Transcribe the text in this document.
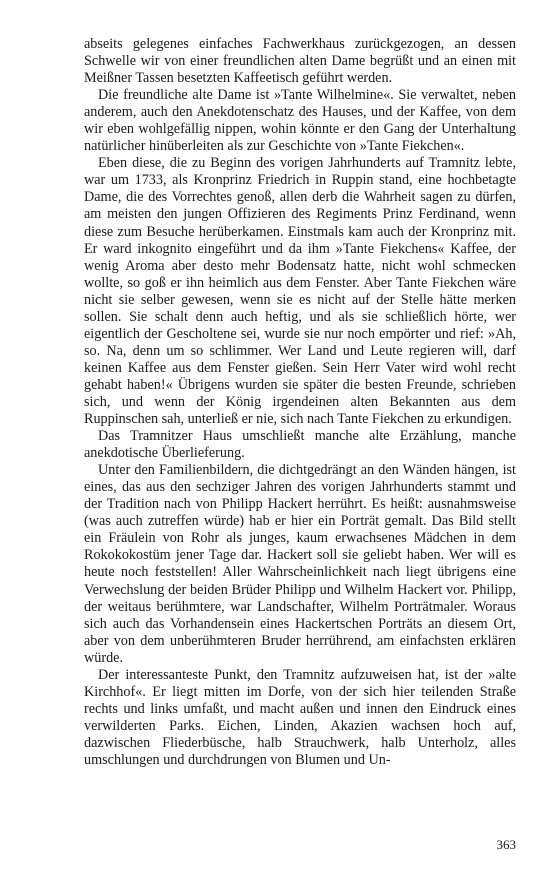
abseits gelegenes einfaches Fachwerkhaus zurückgezogen, an dessen Schwelle wir von einer freundlichen alten Dame begrüßt und an einen mit Meißner Tassen besetzten Kaffeetisch geführt werden.

Die freundliche alte Dame ist »Tante Wilhelmine«. Sie verwaltet, neben anderem, auch den Anekdotenschatz des Hauses, und der Kaffee, von dem wir eben wohlgefällig nippen, wohin könnte er den Gang der Unterhaltung natürlicher hinüberleiten als zur Geschichte von »Tante Fiekchen«.

Eben diese, die zu Beginn des vorigen Jahrhunderts auf Tramnitz lebte, war um 1733, als Kronprinz Friedrich in Ruppin stand, eine hochbetagte Dame, die des Vorrechtes genoß, allen derb die Wahrheit sagen zu dürfen, am meisten den jungen Offizieren des Regiments Prinz Ferdinand, wenn diese zum Besuche herüberkamen. Einstmals kam auch der Kronprinz mit. Er ward inkognito eingeführt und da ihm »Tante Fiekchens« Kaffee, der wenig Aroma aber desto mehr Bodensatz hatte, nicht wohl schmecken wollte, so goß er ihn heimlich aus dem Fenster. Aber Tante Fiekchen wäre nicht sie selber gewesen, wenn sie es nicht auf der Stelle hätte merken sollen. Sie schalt denn auch heftig, und als sie schließlich hörte, wer eigentlich der Gescholtene sei, wurde sie nur noch empörter und rief: »Ah, so. Na, denn um so schlimmer. Wer Land und Leute regieren will, darf keinen Kaffee aus dem Fenster gießen. Sein Herr Vater wird wohl recht gehabt haben!« Übrigens wurden sie später die besten Freunde, schrieben sich, und wenn der König irgendeinen alten Bekannten aus dem Ruppinschen sah, unterließ er nie, sich nach Tante Fiekchen zu erkundigen.

Das Tramnitzer Haus umschließt manche alte Erzählung, manche anekdotische Überlieferung.

Unter den Familienbildern, die dichtgedrängt an den Wänden hängen, ist eines, das aus den sechziger Jahren des vorigen Jahrhunderts stammt und der Tradition nach von Philipp Hackert herrührt. Es heißt: ausnahmsweise (was auch zutreffen würde) hab er hier ein Porträt gemalt. Das Bild stellt ein Fräulein von Rohr als junges, kaum erwachsenes Mädchen in dem Rokokokostüm jener Tage dar. Hackert soll sie geliebt haben. Wer will es heute noch feststellen! Aller Wahrscheinlichkeit nach liegt übrigens eine Verwechslung der beiden Brüder Philipp und Wilhelm Hackert vor. Philipp, der weitaus berühmtere, war Landschafter, Wilhelm Porträtmaler. Woraus sich auch das Vorhandensein eines Hackertschen Porträts an diesem Ort, aber von dem unberühmteren Bruder herrührend, am einfachsten erklären würde.

Der interessanteste Punkt, den Tramnitz aufzuweisen hat, ist der »alte Kirchhof«. Er liegt mitten im Dorfe, von der sich hier teilenden Straße rechts und links umfaßt, und macht außen und innen den Eindruck eines verwilderten Parks. Eichen, Linden, Akazien wachsen hoch auf, dazwischen Fliederbüsche, halb Strauchwerk, halb Unterholz, alles umschlungen und durchdrungen von Blumen und Un-

363
